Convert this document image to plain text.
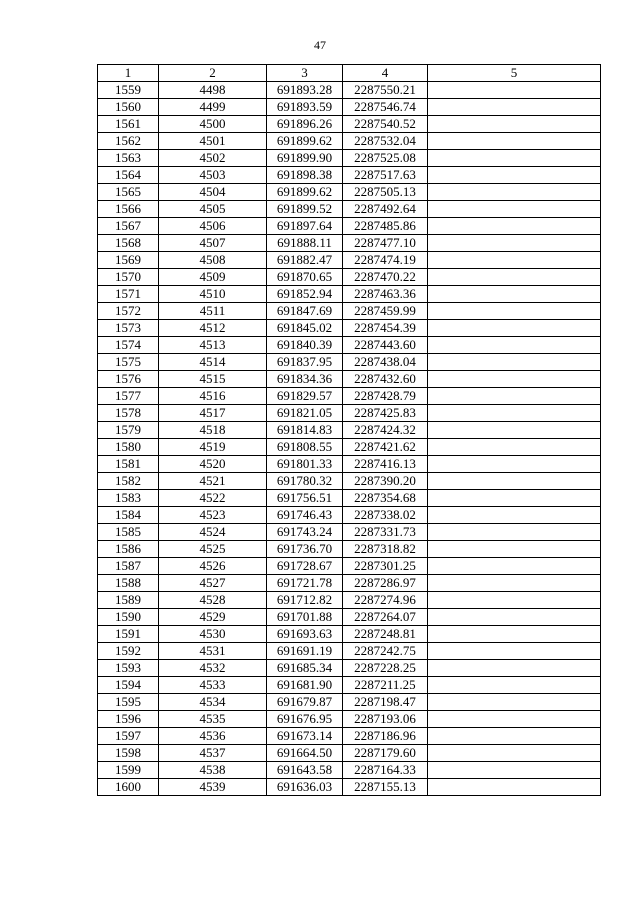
47
1	2	3	4	5
1559	4498	691893.28	2287550.21	
1560	4499	691893.59	2287546.74	
1561	4500	691896.26	2287540.52	
1562	4501	691899.62	2287532.04	
1563	4502	691899.90	2287525.08	
1564	4503	691898.38	2287517.63	
1565	4504	691899.62	2287505.13	
1566	4505	691899.52	2287492.64	
1567	4506	691897.64	2287485.86	
1568	4507	691888.11	2287477.10	
1569	4508	691882.47	2287474.19	
1570	4509	691870.65	2287470.22	
1571	4510	691852.94	2287463.36	
1572	4511	691847.69	2287459.99	
1573	4512	691845.02	2287454.39	
1574	4513	691840.39	2287443.60	
1575	4514	691837.95	2287438.04	
1576	4515	691834.36	2287432.60	
1577	4516	691829.57	2287428.79	
1578	4517	691821.05	2287425.83	
1579	4518	691814.83	2287424.32	
1580	4519	691808.55	2287421.62	
1581	4520	691801.33	2287416.13	
1582	4521	691780.32	2287390.20	
1583	4522	691756.51	2287354.68	
1584	4523	691746.43	2287338.02	
1585	4524	691743.24	2287331.73	
1586	4525	691736.70	2287318.82	
1587	4526	691728.67	2287301.25	
1588	4527	691721.78	2287286.97	
1589	4528	691712.82	2287274.96	
1590	4529	691701.88	2287264.07	
1591	4530	691693.63	2287248.81	
1592	4531	691691.19	2287242.75	
1593	4532	691685.34	2287228.25	
1594	4533	691681.90	2287211.25	
1595	4534	691679.87	2287198.47	
1596	4535	691676.95	2287193.06	
1597	4536	691673.14	2287186.96	
1598	4537	691664.50	2287179.60	
1599	4538	691643.58	2287164.33	
1600	4539	691636.03	2287155.13	
